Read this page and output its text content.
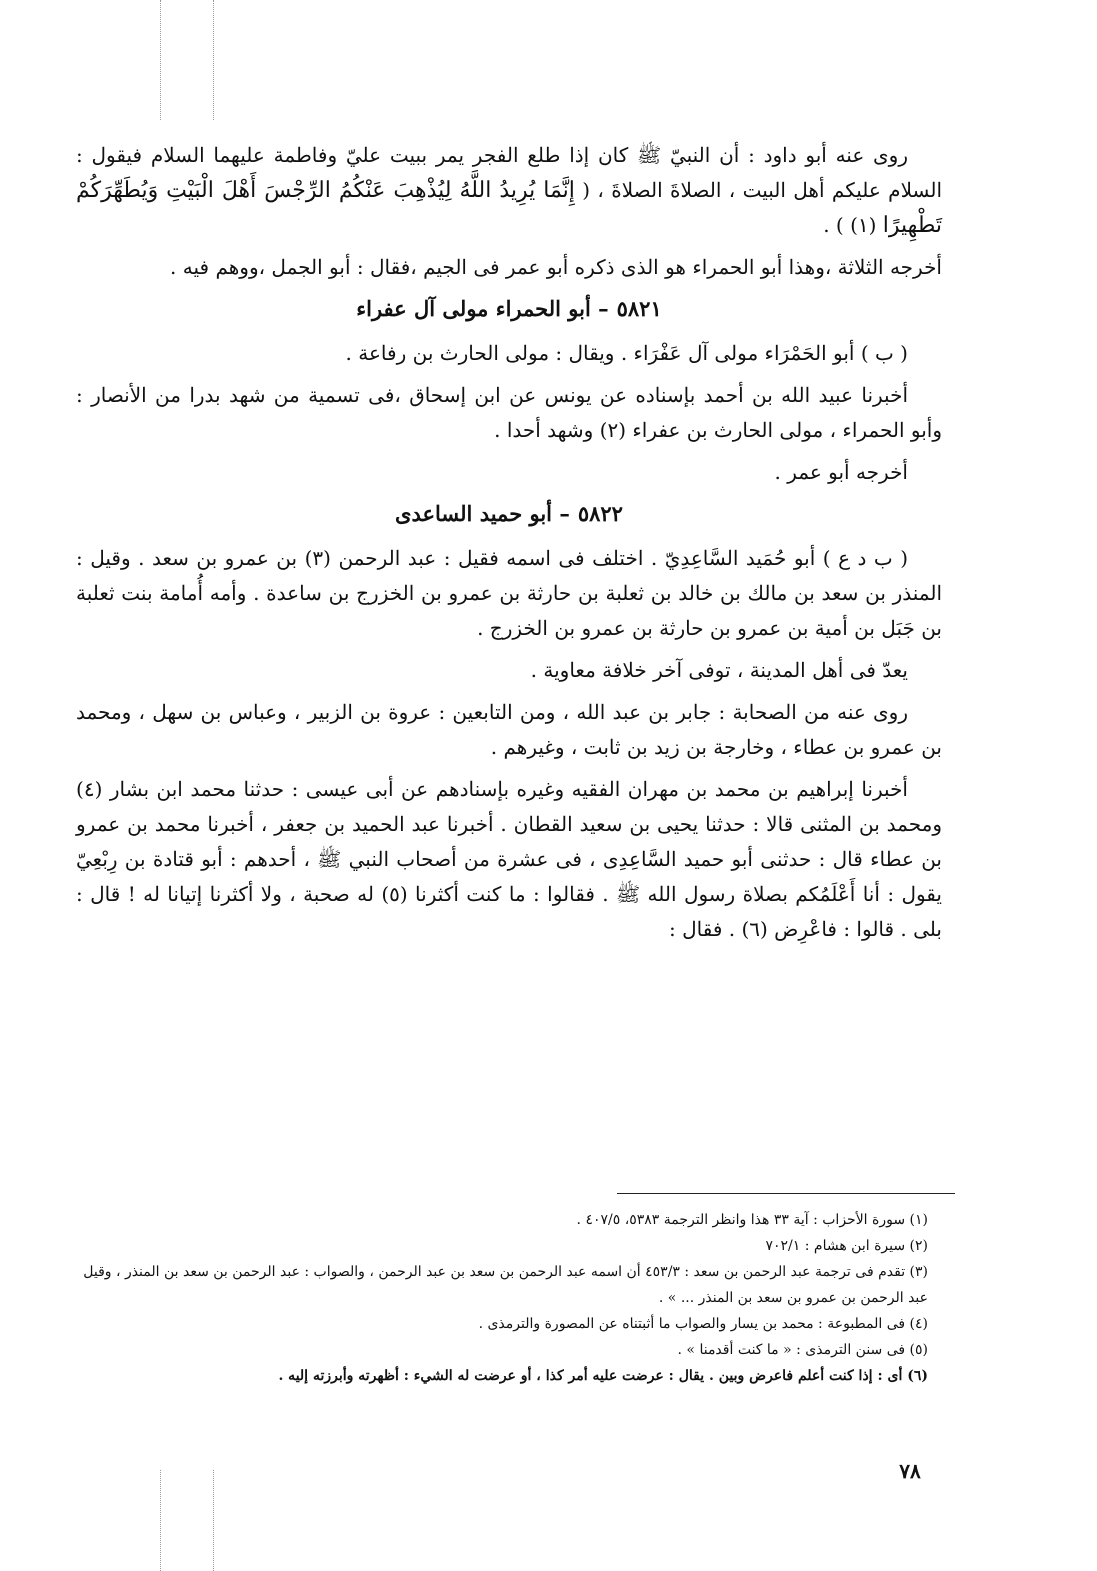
روى عنه أبو داود : أن النبيّ ﷺ كان إذا طلع الفجر يمر ببيت عليّ وفاطمة عليهما السلام فيقول : السلام عليكم أهل البيت ، الصلاةَ الصلاةَ ، ( إِنَّمَا يُرِيدُ اللَّهُ لِيُذْهِبَ عَنْكُمُ الرِّجْسَ أَهْلَ الْبَيْتِ وَيُطَهِّرَكُمْ تَطْهِيرًا (١) ) .

أخرجه الثلاثة ،وهذا أبو الحمراء هو الذى ذكره أبو عمر فى الجيم ،فقال : أبو الجمل ،ووهم فيه .

٥٨٢١– أبو الحمراء مولى آل عفراء

( ب ) أبو الحَمْرَاء مولى آل عَفْرَاء . ويقال : مولى الحارث بن رفاعة .

أخبرنا عبيد الله بن أحمد بإسناده عن يونس عن ابن إسحاق ،فى تسمية من شهد بدرا من الأنصار : وأبو الحمراء ، مولى الحارث بن عفراء (٢) وشهد أحدا .

أخرجه أبو عمر .

٥٨٢٢– أبو حميد الساعدى

( ب د ع ) أبو حُمَيد السَّاعِدِيّ . اختلف فى اسمه فقيل : عبد الرحمن (٣) بن عمرو بن سعد . وقيل : المنذر بن سعد بن مالك بن خالد بن ثعلبة بن حارثة بن عمرو بن الخزرج بن ساعدة . وأمه أُمامة بنت ثعلبة بن جَبَل بن أمية بن عمرو بن حارثة بن عمرو بن الخزرج .

يعدّ فى أهل المدينة ، توفى آخر خلافة معاوية .

روى عنه من الصحابة : جابر بن عبد الله ، ومن التابعين : عروة بن الزبير ، وعباس بن سهل ، ومحمد بن عمرو بن عطاء ، وخارجة بن زيد بن ثابت ، وغيرهم .

أخبرنا إبراهيم بن محمد بن مهران الفقيه وغيره بإسنادهم عن أبى عيسى : حدثنا محمد ابن بشار (٤) ومحمد بن المثنى قالا : حدثنا يحيى بن سعيد القطان . أخبرنا عبد الحميد بن جعفر ، أخبرنا محمد بن عمرو بن عطاء قال : حدثنى أبو حميد السَّاعِدِى ، فى عشرة من أصحاب النبي ﷺ ، أحدهم : أبو قتادة بن رِبْعِيّ يقول : أنا أَعْلَمُكم بصلاة رسول الله ﷺ . فقالوا : ما كنت أكثرنا (٥) له صحبة ، ولا أكثرنا إتيانا له ! قال : بلى . قالوا : فاعْرِض (٦) . فقال :

(١) سورة الأحزاب : آية ٣٣ هذا وانظر الترجمة ٥٣٨٣، ٤٠٧/٥ .
(٢) سيرة ابن هشام : ٧٠٢/١
(٣) تقدم فى ترجمة عبد الرحمن بن سعد : ٤٥٣/٣ أن اسمه عبد الرحمن بن سعد بن عبد الرحمن ، والصواب : عبد الرحمن بن سعد بن المنذر ، وقيل عبد الرحمن بن عمرو بن سعد بن المنذر ... » .
(٤) فى المطبوعة : محمد بن يسار والصواب ما أثبتناه عن المصورة والترمذى .
(٥) فى سنن الترمذى : « ما كنت أقدمنا » .
(٦) أى : إذا كنت أعلم فاعرض وبين . يقال : عرضت عليه أمر كذا ، أو عرضت له الشيء : أظهرته وأبرزته إليه .
٧٨
